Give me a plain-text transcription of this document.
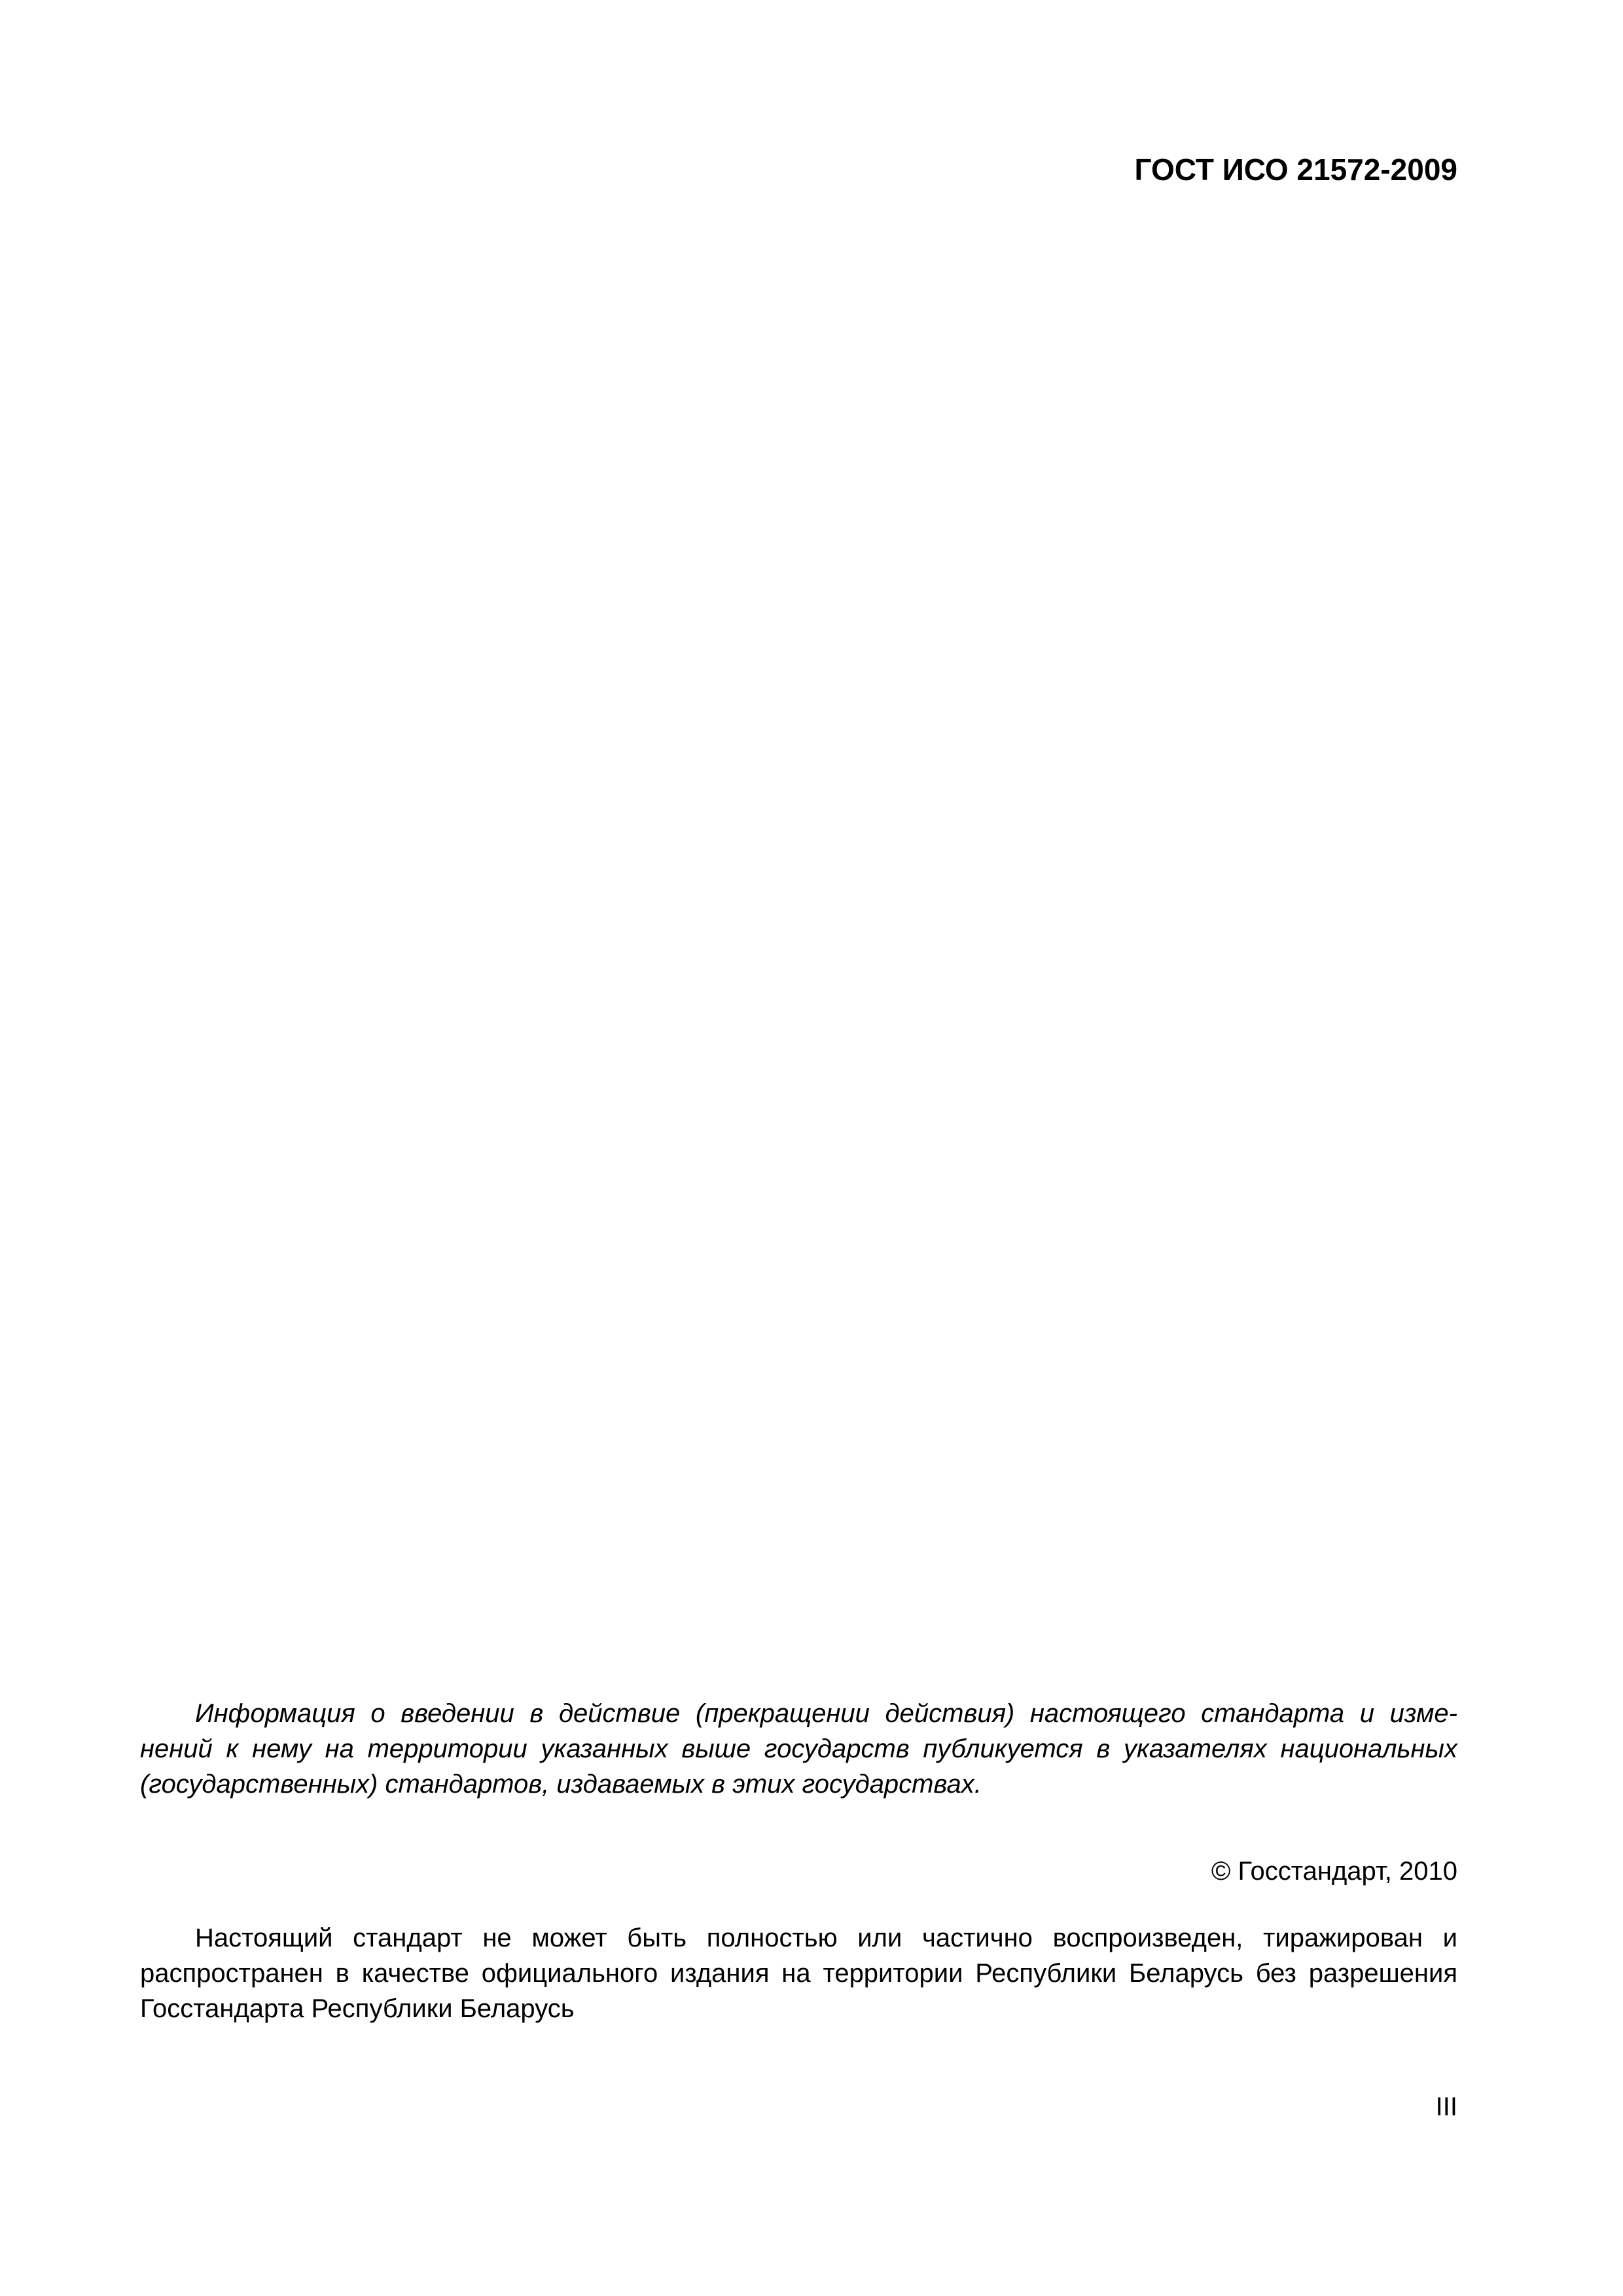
ГОСТ ИСО 21572-2009
Информация о введении в действие (прекращении действия) настоящего стандарта и изме-
нений к нему на территории указанных выше государств публикуется в указателях национальных
(государственных) стандартов, издаваемых в этих государствах.
© Госстандарт, 2010
Настоящий стандарт не может быть полностью или частично воспроизведен, тиражирован и
распространен в качестве официального издания на территории Республики Беларусь без разрешения
Госстандарта Республики Беларусь
III
